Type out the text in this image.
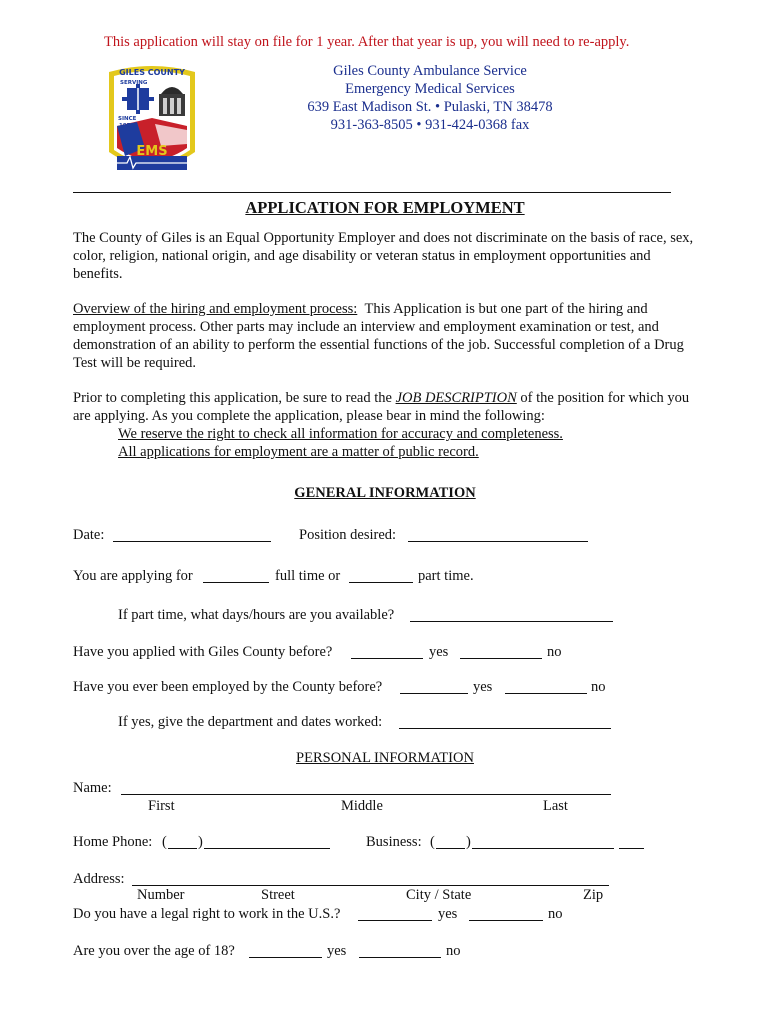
This application will stay on file for 1 year. After that year is up, you will need to re-apply.
GILES COUNTY
SERVING
SINCE
1972
EMS
Giles County Ambulance Service
Emergency Medical Services
639 East Madison St. • Pulaski, TN 38478
931-363-8505 • 931-424-0368 fax
APPLICATION FOR EMPLOYMENT
The County of Giles is an Equal Opportunity Employer and does not discriminate on the basis of race, sex, color, religion, national origin, and age disability or veteran status in employment opportunities and benefits.
Overview of the hiring and employment process: This Application is but one part of the hiring and employment process. Other parts may include an interview and employment examination or test, and demonstration of an ability to perform the essential functions of the job. Successful completion of a Drug Test will be required.
Prior to completing this application, be sure to read the JOB DESCRIPTION of the position for which you are applying. As you complete the application, please bear in mind the following:
We reserve the right to check all information for accuracy and completeness.
All applications for employment are a matter of public record.
GENERAL INFORMATION
Date:	Position desired:
You are applying for	full time or	part time.
If part time, what days/hours are you available?
Have you applied with Giles County before?	yes	no
Have you ever been employed by the County before?	yes	no
If yes, give the department and dates worked:
PERSONAL INFORMATION
Name:
First	Middle	Last
Home Phone: ( )	Business: ( )
Address:
Number	Street	City / State	Zip
Do you have a legal right to work in the U.S.?	yes	no
Are you over the age of 18?	yes	no
